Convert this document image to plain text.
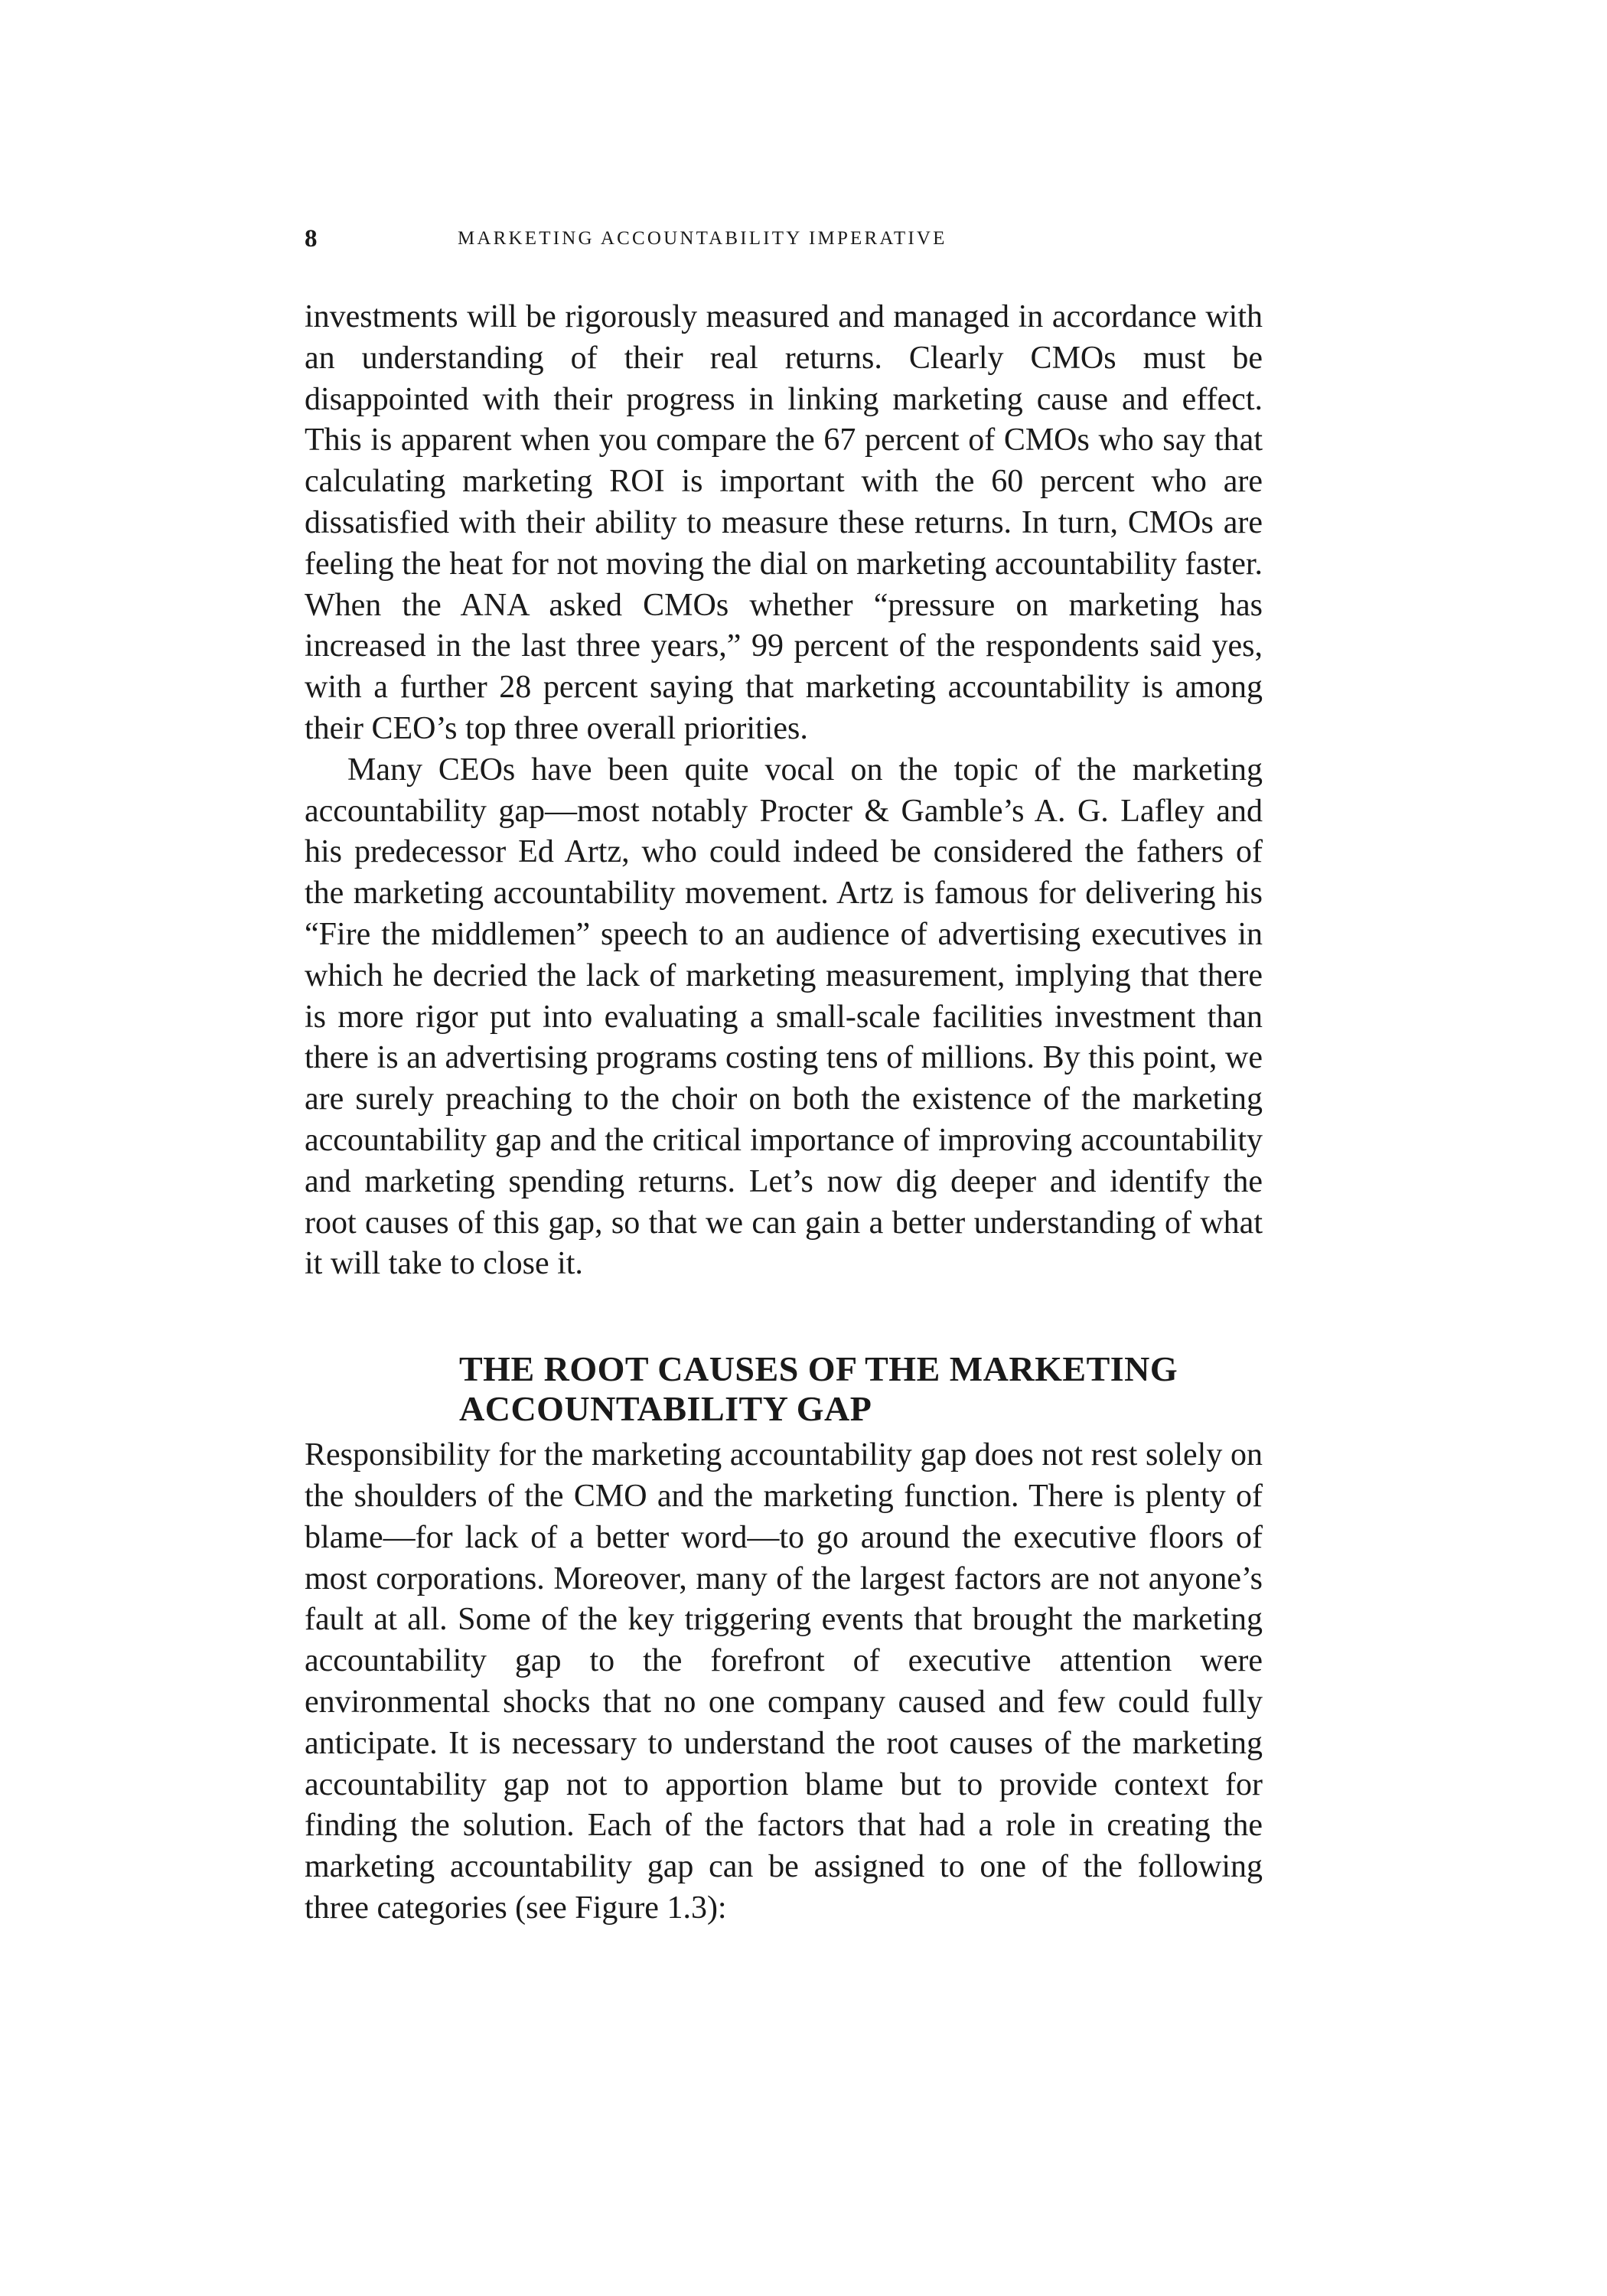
8	MARKETING ACCOUNTABILITY IMPERATIVE

investments will be rigorously measured and managed in accordance with an understanding of their real returns. Clearly CMOs must be disappointed with their progress in linking marketing cause and effect. This is apparent when you compare the 67 percent of CMOs who say that calculating marketing ROI is important with the 60 percent who are dissatisfied with their ability to measure these returns. In turn, CMOs are feeling the heat for not moving the dial on marketing accountability faster. When the ANA asked CMOs whether “pressure on marketing has increased in the last three years,” 99 percent of the respondents said yes, with a further 28 percent saying that marketing accountability is among their CEO’s top three overall priorities.

Many CEOs have been quite vocal on the topic of the marketing accountability gap—most notably Procter & Gamble’s A. G. Lafley and his predecessor Ed Artz, who could indeed be considered the fathers of the marketing accountability movement. Artz is famous for delivering his “Fire the middlemen” speech to an audience of advertising executives in which he decried the lack of marketing measurement, implying that there is more rigor put into evaluating a small-scale facilities investment than there is an advertising programs costing tens of millions. By this point, we are surely preaching to the choir on both the existence of the marketing accountability gap and the critical importance of improving accountability and marketing spending returns. Let’s now dig deeper and identify the root causes of this gap, so that we can gain a better understanding of what it will take to close it.

THE ROOT CAUSES OF THE MARKETING
ACCOUNTABILITY GAP

Responsibility for the marketing accountability gap does not rest solely on the shoulders of the CMO and the marketing function. There is plenty of blame—for lack of a better word—to go around the executive floors of most corporations. Moreover, many of the largest factors are not anyone’s fault at all. Some of the key triggering events that brought the marketing accountability gap to the forefront of executive attention were environmental shocks that no one company caused and few could fully anticipate. It is necessary to understand the root causes of the marketing accountability gap not to apportion blame but to provide context for finding the solution. Each of the factors that had a role in creating the marketing accountability gap can be assigned to one of the following three categories (see Figure 1.3):
